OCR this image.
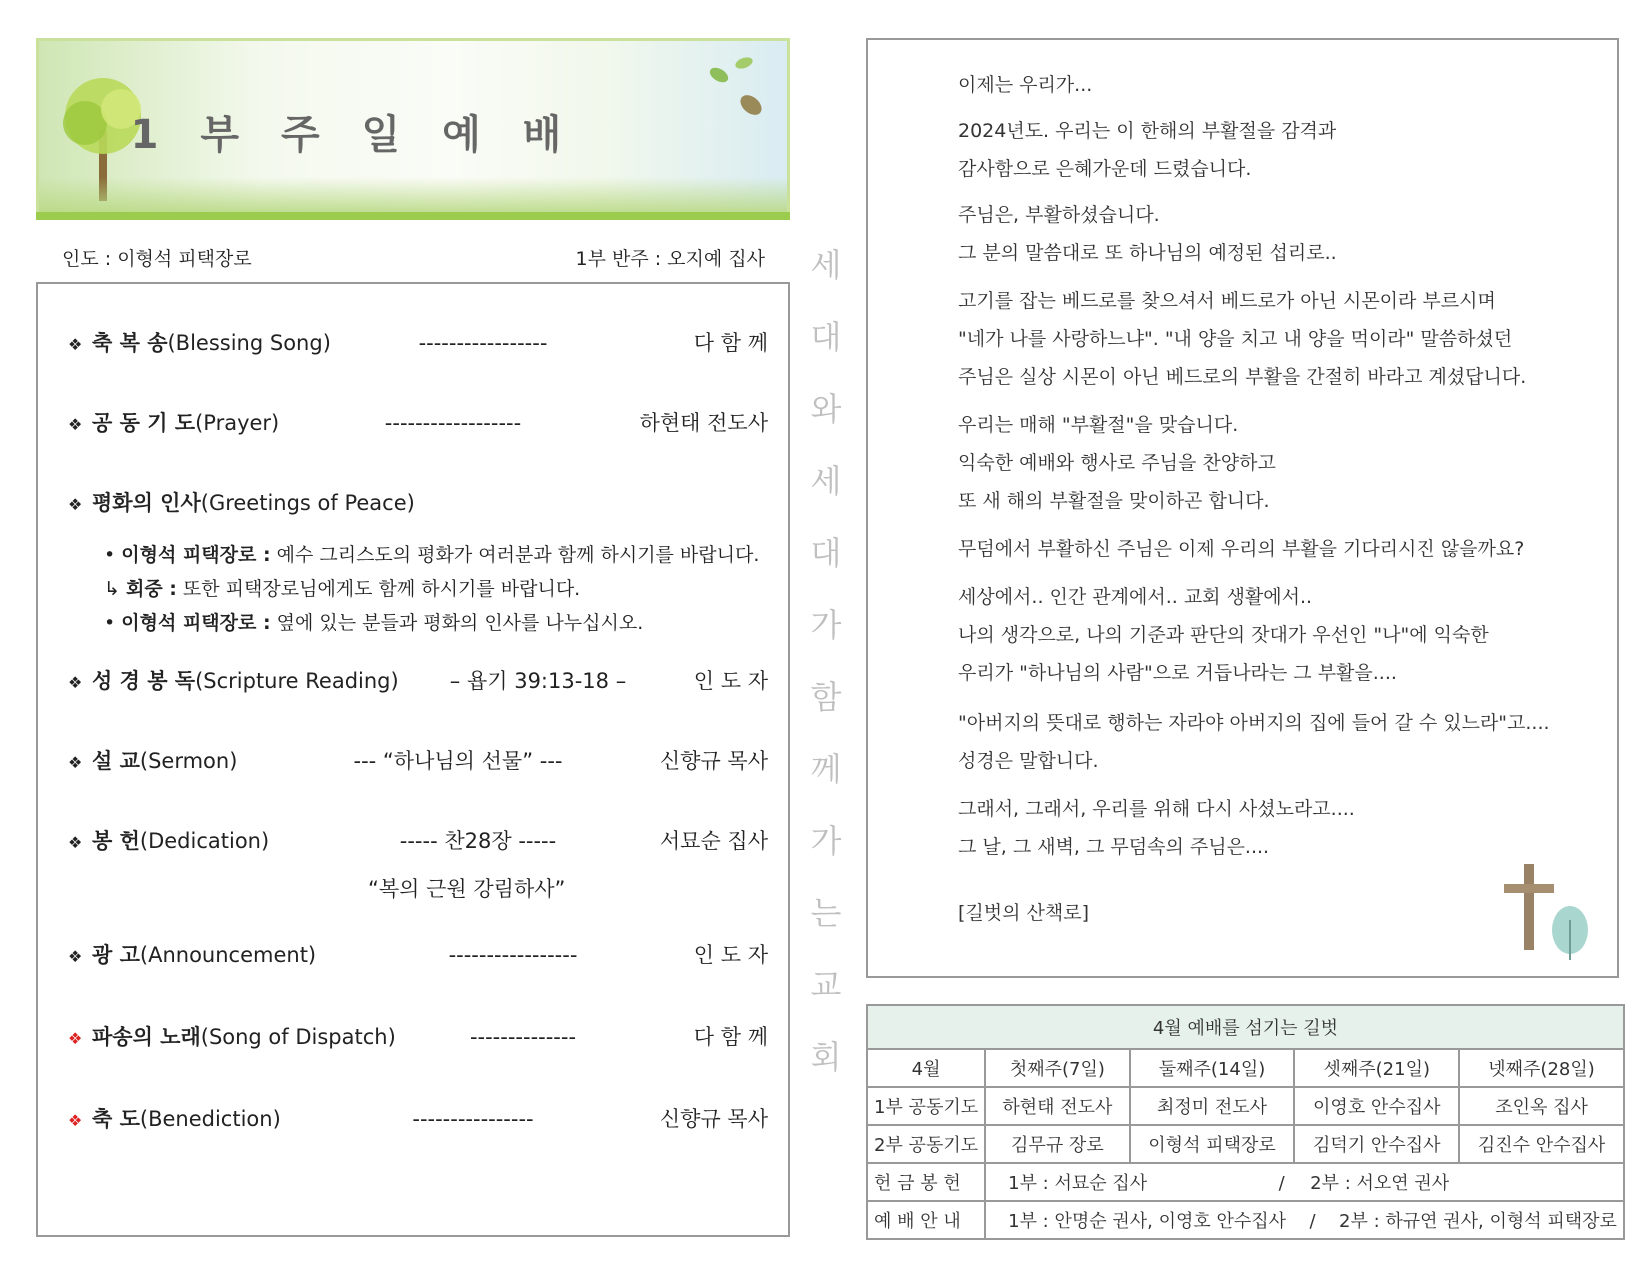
1 부 주 일 예 배
인도 : 이형석 피택장로	1부 반주 : 오지예 집사
❖ 축 복 송(Blessing Song)	-----------------	다 함 께
❖ 공 동 기 도(Prayer)	------------------	하현태 전도사
❖ 평화의 인사(Greetings of Peace)
• 이형석 피택장로 : 예수 그리스도의 평화가 여러분과 함께 하시기를 바랍니다.
↳ 회중 : 또한 피택장로님에게도 함께 하시기를 바랍니다.
• 이형석 피택장로 : 옆에 있는 분들과 평화의 인사를 나누십시오.
❖ 성 경 봉 독(Scripture Reading) – 욥기 39:13-18 –	인 도 자
❖ 설 교(Sermon)	--- “하나님의 선물” ---	신향규 목사
❖ 봉 헌(Dedication)	----- 찬28장 -----	서묘순 집사
“복의 근원 강림하사”
❖ 광 고(Announcement)	-----------------	인 도 자
❖ 파송의 노래(Song of Dispatch)	--------------	다 함 께
❖ 축 도(Benediction)	----------------	신향규 목사
세
대
와
세
대
가
함
께
가
는
교
회

이제는 우리가...

2024년도. 우리는 이 한해의 부활절을 감격과

감사함으로 은혜가운데 드렸습니다.

주님은, 부활하셨습니다.

그 분의 말씀대로 또 하나님의 예정된 섭리로..

고기를 잡는 베드로를 찾으셔서 베드로가 아닌 시몬이라 부르시며

"네가 나를 사랑하느냐". "내 양을 치고 내 양을 먹이라" 말씀하셨던

주님은 실상 시몬이 아닌 베드로의 부활을 간절히 바라고 계셨답니다.

우리는 매해 "부활절"을 맞습니다.

익숙한 예배와 행사로 주님을 찬양하고

또 새 해의 부활절을 맞이하곤 합니다.

무덤에서 부활하신 주님은 이제 우리의 부활을 기다리시진 않을까요?

세상에서.. 인간 관계에서.. 교회 생활에서..

나의 생각으로, 나의 기준과 판단의 잣대가 우선인 "나"에 익숙한

우리가 "하나님의 사람"으로 거듭나라는 그 부활을....

"아버지의 뜻대로 행하는 자라야 아버지의 집에 들어 갈 수 있느라"고....

성경은 말합니다.

그래서, 그래서, 우리를 위해 다시 사셨노라고....

그 날, 그 새벽, 그 무덤속의 주님은....

[길벗의 산책로]

4월 예배를 섬기는 길벗				
4월	첫째주(7일)	둘째주(14일)	셋째주(21일)	넷째주(28일)
1부 공동기도	하현태 전도사	최정미 전도사	이영호 안수집사	조인옥 집사
2부 공동기도	김무규 장로	이형석 피택장로	김덕기 안수집사	김진수 안수집사
헌 금 봉 헌	1부 : 서묘순 집사 / 2부 : 서오연 권사			
예 배 안 내	1부 : 안명순 권사, 이영호 안수집사 / 2부 : 하규연 권사, 이형석 피택장로			
